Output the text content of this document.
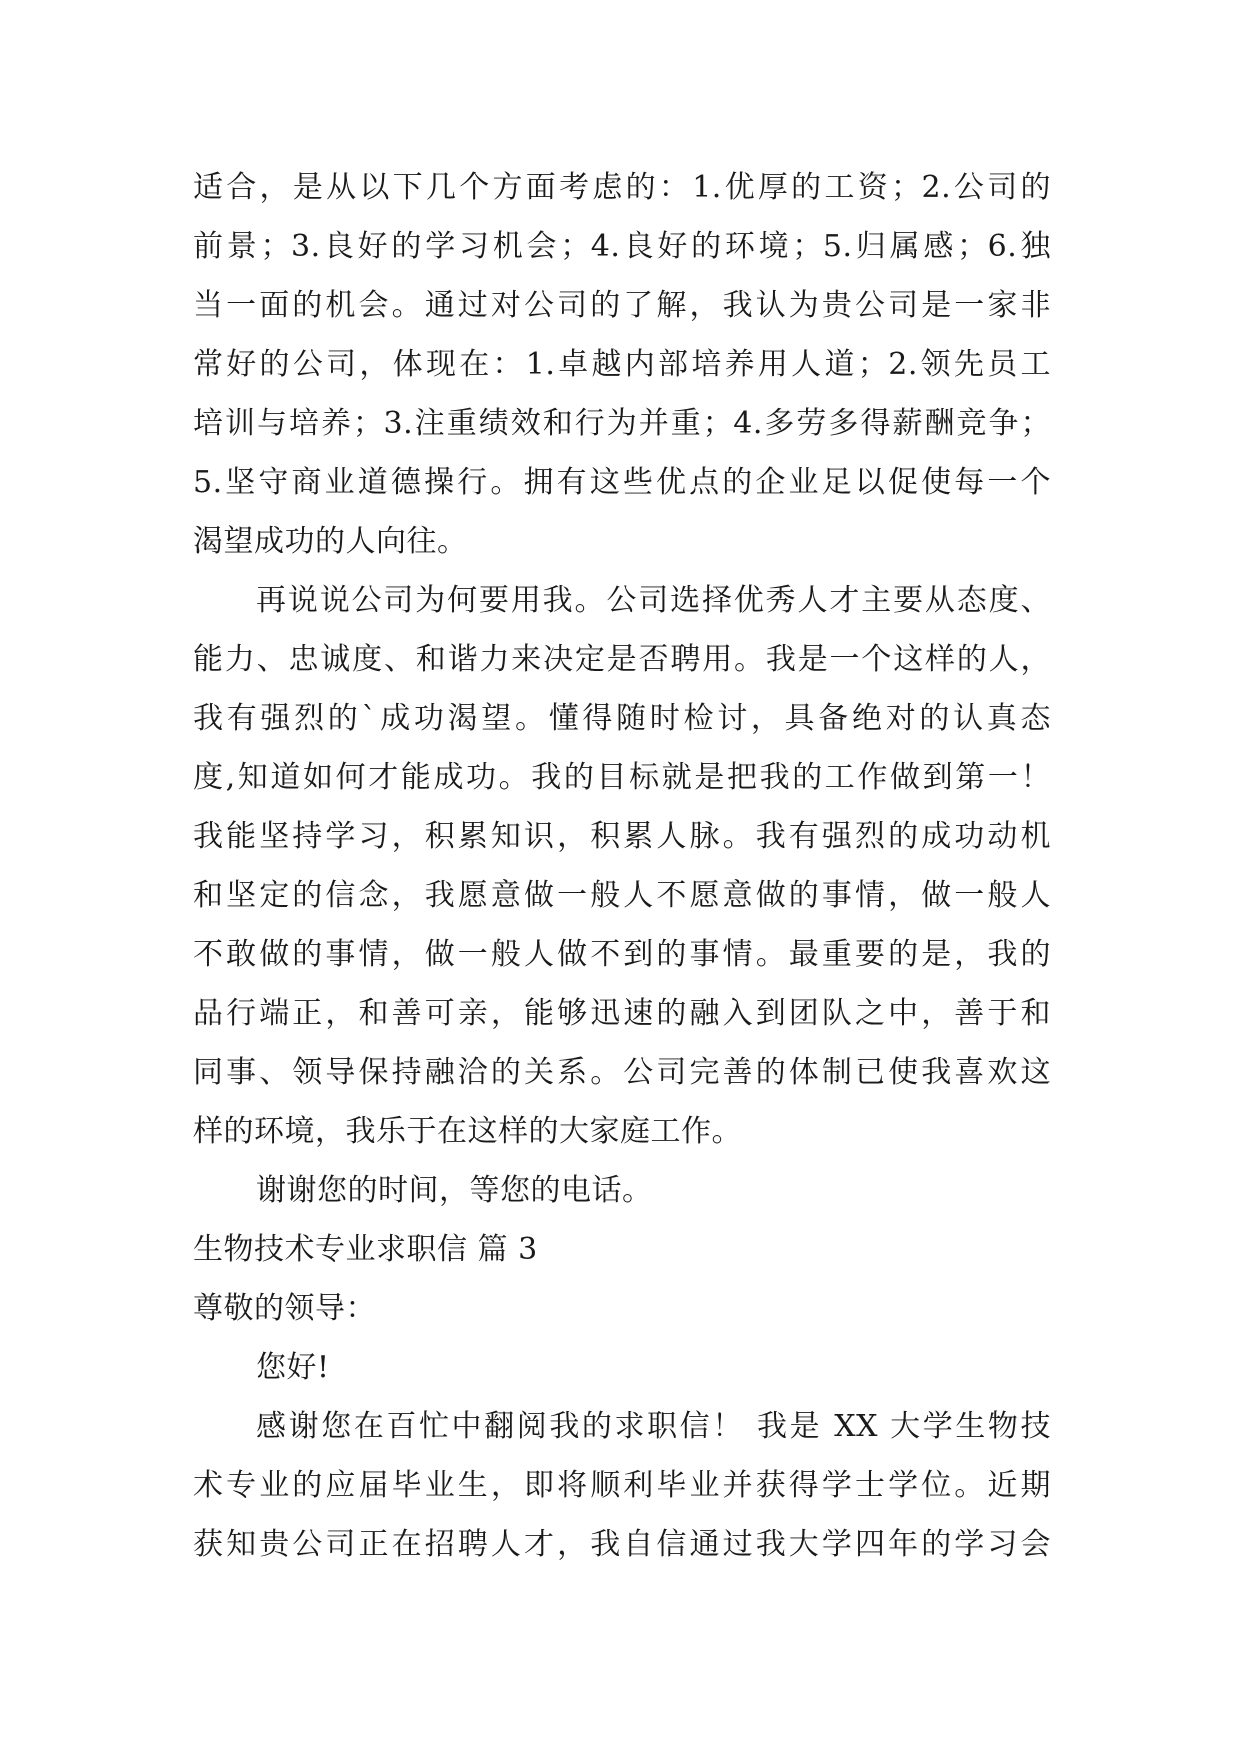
适合，是从以下几个方面考虑的：1.优厚的工资；2.公司的
前景；3.良好的学习机会；4.良好的环境；5.归属感；6.独
当一面的机会。通过对公司的了解，我认为贵公司是一家非
常好的公司，体现在：1.卓越内部培养用人道；2.领先员工
培训与培养；3.注重绩效和行为并重；4.多劳多得薪酬竞争；
5.坚守商业道德操行。拥有这些优点的企业足以促使每一个
渴望成功的人向往。
再说说公司为何要用我。公司选择优秀人才主要从态度、
能力、忠诚度、和谐力来决定是否聘用。我是一个这样的人，
我有强烈的`成功渴望。懂得随时检讨，具备绝对的认真态
度,知道如何才能成功。我的目标就是把我的工作做到第一！
我能坚持学习，积累知识，积累人脉。我有强烈的成功动机
和坚定的信念，我愿意做一般人不愿意做的事情，做一般人
不敢做的事情，做一般人做不到的事情。最重要的是，我的
品行端正，和善可亲，能够迅速的融入到团队之中，善于和
同事、领导保持融洽的关系。公司完善的体制已使我喜欢这
样的环境，我乐于在这样的大家庭工作。
谢谢您的时间，等您的电话。
生物技术专业求职信 篇 3
尊敬的领导：
您好!
感谢您在百忙中翻阅我的求职信！ 我是 XX 大学生物技
术专业的应届毕业生，即将顺利毕业并获得学士学位。近期
获知贵公司正在招聘人才，我自信通过我大学四年的学习会
